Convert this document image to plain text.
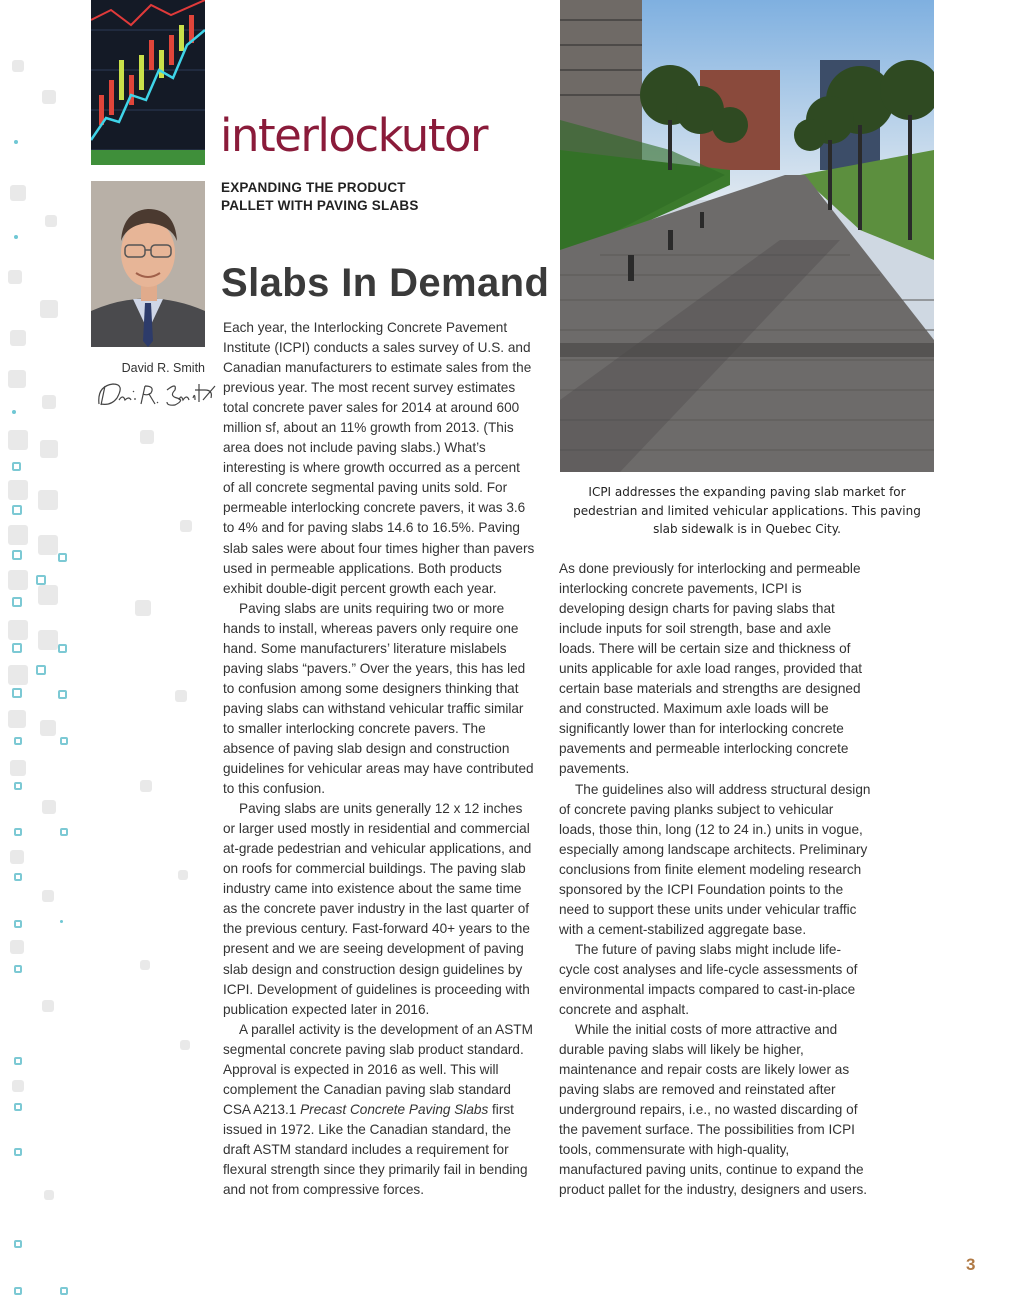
David R. Smith
interlockutor
EXPANDING THE PRODUCT
PALLET WITH PAVING SLABS
Slabs In Demand

Each year, the Interlocking Concrete Pavement Institute (ICPI) conducts a sales survey of U.S. and Canadian manufacturers to estimate sales from the previous year. The most recent survey estimates total concrete paver sales for 2014 at around 600 million sf, about an 11% growth from 2013. (This area does not include paving slabs.) What’s interesting is where growth occurred as a percent of all concrete segmental paving units sold. For permeable interlocking concrete pavers, it was 3.6 to 4% and for paving slabs 14.6 to 16.5%. Paving slab sales were about four times higher than pavers used in permeable applications. Both products exhibit double-digit percent growth each year.

Paving slabs are units requiring two or more hands to install, whereas pavers only require one hand. Some manufacturers’ literature mislabels paving slabs “pavers.” Over the years, this has led to confusion among some designers thinking that paving slabs can withstand vehicular traffic similar to smaller interlocking concrete pavers. The absence of paving slab design and construction guidelines for vehicular areas may have contributed to this confusion.

Paving slabs are units generally 12 x 12 inches or larger used mostly in residential and commercial at-grade pedestrian and vehicular applications, and on roofs for commercial buildings. The paving slab industry came into existence about the same time as the concrete paver industry in the last quarter of the previous century. Fast-forward 40+ years to the present and we are seeing development of paving slab design and construction design guidelines by ICPI. Development of guidelines is proceeding with publication expected later in 2016.

A parallel activity is the development of an ASTM segmental concrete paving slab product standard. Approval is expected in 2016 as well. This will complement the Canadian paving slab standard CSA A213.1 Precast Concrete Paving Slabs first issued in 1972. Like the Canadian standard, the draft ASTM standard includes a requirement for flexural strength since they primarily fail in bending and not from compressive forces.

ICPI addresses the expanding paving slab market for pedestrian and limited vehicular applications. This paving slab sidewalk is in Quebec City.

As done previously for interlocking and permeable interlocking concrete pavements, ICPI is developing design charts for paving slabs that include inputs for soil strength, base and axle loads. There will be certain size and thickness of units applicable for axle load ranges, provided that certain base materials and strengths are designed and constructed. Maximum axle loads will be significantly lower than for interlocking concrete pavements and permeable interlocking concrete pavements.

The guidelines also will address structural design of concrete paving planks subject to vehicular loads, those thin, long (12 to 24 in.) units in vogue, especially among landscape architects. Preliminary conclusions from finite element modeling research sponsored by the ICPI Foundation points to the need to support these units under vehicular traffic with a cement-stabilized aggregate base.

The future of paving slabs might include life-cycle cost analyses and life-cycle assessments of environmental impacts compared to cast-in-place concrete and asphalt.

While the initial costs of more attractive and durable paving slabs will likely be higher, maintenance and repair costs are likely lower as paving slabs are removed and reinstated after underground repairs, i.e., no wasted discarding of the pavement surface. The possibilities from ICPI tools, commensurate with high-quality, manufactured paving units, continue to expand the product pallet for the industry, designers and users.

3
